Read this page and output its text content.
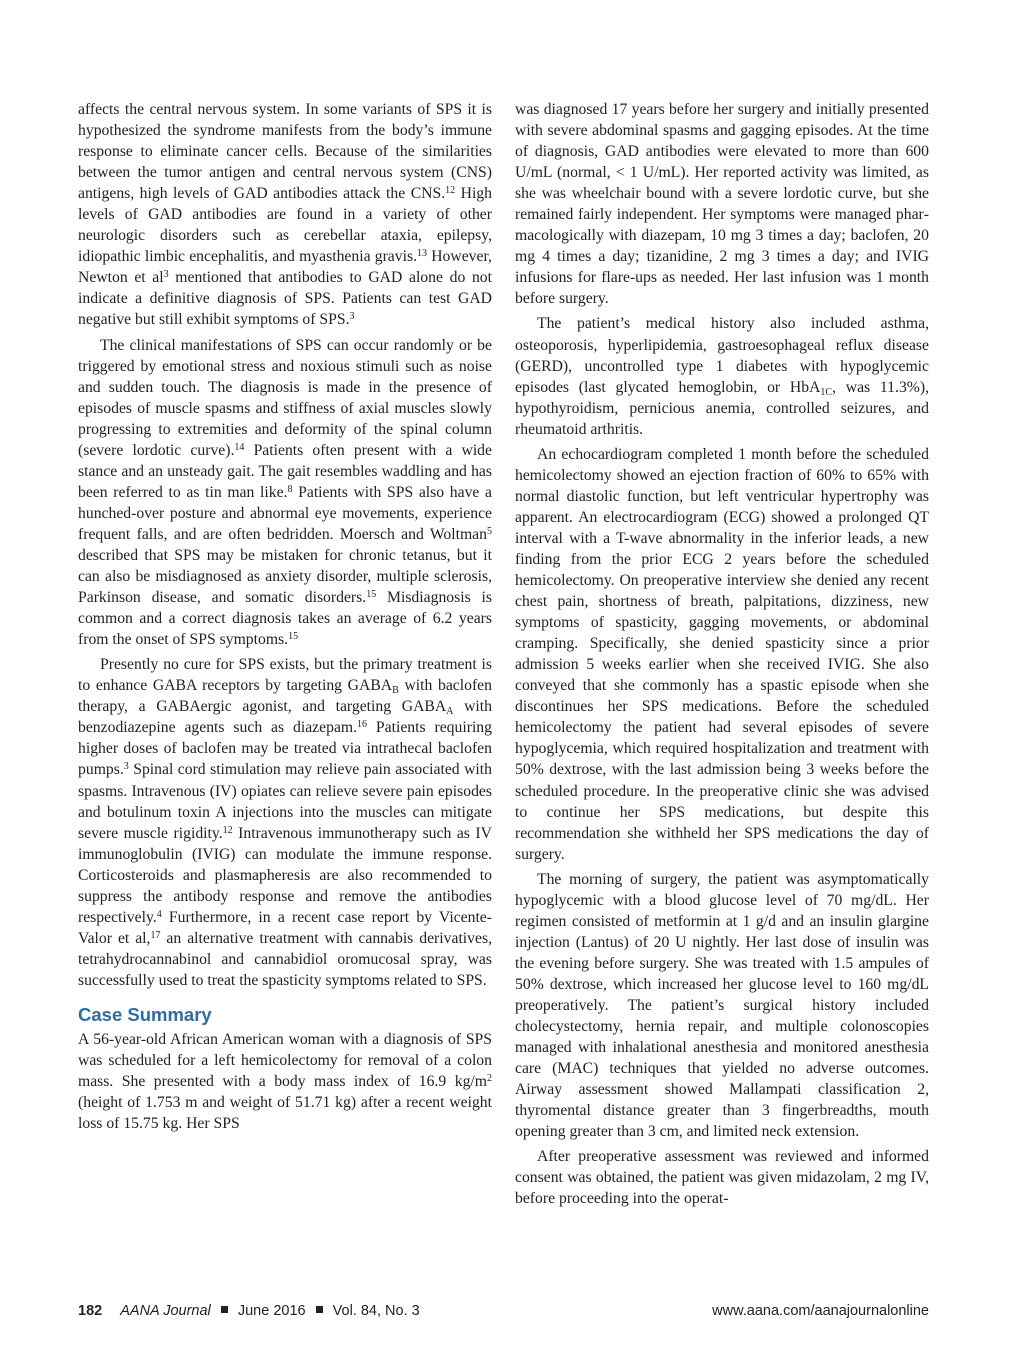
affects the central nervous system. In some variants of SPS it is hypothesized the syndrome manifests from the body’s immune response to eliminate cancer cells. Because of the similarities between the tumor antigen and central nervous system (CNS) antigens, high levels of GAD antibodies attack the CNS.$^{12}$ High levels of GAD antibodies are found in a variety of other neurologic disorders such as cerebellar ataxia, epilepsy, idiopathic limbic encephalitis, and myasthenia gravis.$^{13}$ However, Newton et $al^3$ mentioned that antibodies to GAD alone do not indicate a definitive diagnosis of SPS. Patients can test GAD negative but still exhibit symptoms of SPS.$^3$

The clinical manifestations of SPS can occur randomly or be triggered by emotional stress and noxious stimuli such as noise and sudden touch. The diagnosis is made in the presence of episodes of muscle spasms and stiffness of axial muscles slowly progressing to extremities and deformity of the spinal column (severe lordotic curve).$^{14}$ Patients often present with a wide stance and an unsteady gait. The gait resembles waddling and has been referred to as tin man like.$^8$ Patients with SPS also have a hunched-over posture and abnormal eye movements, experience frequent falls, and are often bedridden. Moersch and Woltman$^5$ described that SPS may be mistaken for chronic tetanus, but it can also be misdiagnosed as anxiety disorder, multiple sclerosis, Parkinson disease, and somatic disorders.$^{15}$ Misdiagnosis is common and a correct diagnosis takes an average of 6.2 years from the onset of SPS symptoms.$^{15}$

Presently no cure for SPS exists, but the primary treatment is to enhance GABA receptors by targeting $GABA_B$ with baclofen therapy, a GABAergic agonist, and targeting $GABA_A$ with benzodiazepine agents such as diazepam.$^{16}$ Patients requiring higher doses of baclofen may be treated via intrathecal baclofen pumps.$^3$ Spinal cord stimulation may relieve pain associated with spasms. Intravenous (IV) opiates can relieve severe pain episodes and botulinum toxin A injections into the muscles can mitigate severe muscle rigidity.$^{12}$ Intravenous immunotherapy such as IV immunoglobulin (IVIG) can modulate the immune response. Corticosteroids and plasmapheresis are also recommended to suppress the antibody response and remove the antibodies respectively.$^4$ Furthermore, in a recent case report by Vicente-Valor et al,$^{17}$ an alternative treatment with cannabis derivatives, tetrahydrocannabinol and cannabidiol oromucosal spray, was successfully used to treat the spasticity symptoms related to SPS.

Case Summary

A 56-year-old African American woman with a diagnosis of SPS was scheduled for a left hemicolectomy for removal of a colon mass. She presented with a body mass index of 16.9 $kg/m^2$ (height of 1.753 m and weight of 51.71 kg) after a recent weight loss of 15.75 kg. Her SPS

was diagnosed 17 years before her surgery and initially presented with severe abdominal spasms and gagging episodes. At the time of diagnosis, GAD antibodies were elevated to more than 600 U/mL (normal, < 1 U/mL). Her reported activity was limited, as she was wheelchair bound with a severe lordotic curve, but she remained fairly independent. Her symptoms were managed pharmacologically with diazepam, 10 mg 3 times a day; baclofen, 20 mg 4 times a day; tizanidine, 2 mg 3 times a day; and IVIG infusions for flare-ups as needed. Her last infusion was 1 month before surgery.

The patient’s medical history also included asthma, osteoporosis, hyperlipidemia, gastroesophageal reflux disease (GERD), uncontrolled type 1 diabetes with hypoglycemic episodes (last glycated hemoglobin, or HbA$_{1C}$, was 11.3%), hypothyroidism, pernicious anemia, controlled seizures, and rheumatoid arthritis.

An echocardiogram completed 1 month before the scheduled hemicolectomy showed an ejection fraction of 60% to 65% with normal diastolic function, but left ventricular hypertrophy was apparent. An electrocardiogram (ECG) showed a prolonged QT interval with a T-wave abnormality in the inferior leads, a new finding from the prior ECG 2 years before the scheduled hemicolectomy. On preoperative interview she denied any recent chest pain, shortness of breath, palpitations, dizziness, new symptoms of spasticity, gagging movements, or abdominal cramping. Specifically, she denied spasticity since a prior admission 5 weeks earlier when she received IVIG. She also conveyed that she commonly has a spastic episode when she discontinues her SPS medications. Before the scheduled hemicolectomy the patient had several episodes of severe hypoglycemia, which required hospitalization and treatment with 50% dextrose, with the last admission being 3 weeks before the scheduled procedure. In the preoperative clinic she was advised to continue her SPS medications, but despite this recommendation she withheld her SPS medications the day of surgery.

The morning of surgery, the patient was asymptomatically hypoglycemic with a blood glucose level of 70 mg/dL. Her regimen consisted of metformin at 1 g/d and an insulin glargine injection (Lantus) of 20 U nightly. Her last dose of insulin was the evening before surgery. She was treated with 1.5 ampules of 50% dextrose, which increased her glucose level to 160 mg/dL preoperatively. The patient’s surgical history included cholecystectomy, hernia repair, and multiple colonoscopies managed with inhalational anesthesia and monitored anesthesia care (MAC) techniques that yielded no adverse outcomes. Airway assessment showed Mallampati classification 2, thyromental distance greater than 3 fingerbreadths, mouth opening greater than 3 cm, and limited neck extension.

After preoperative assessment was reviewed and informed consent was obtained, the patient was given midazolam, 2 mg IV, before proceeding into the operat-

182 AANA Journal June 2016 Vol. 84, No. 3	www.aana.com/aanajournalonline
